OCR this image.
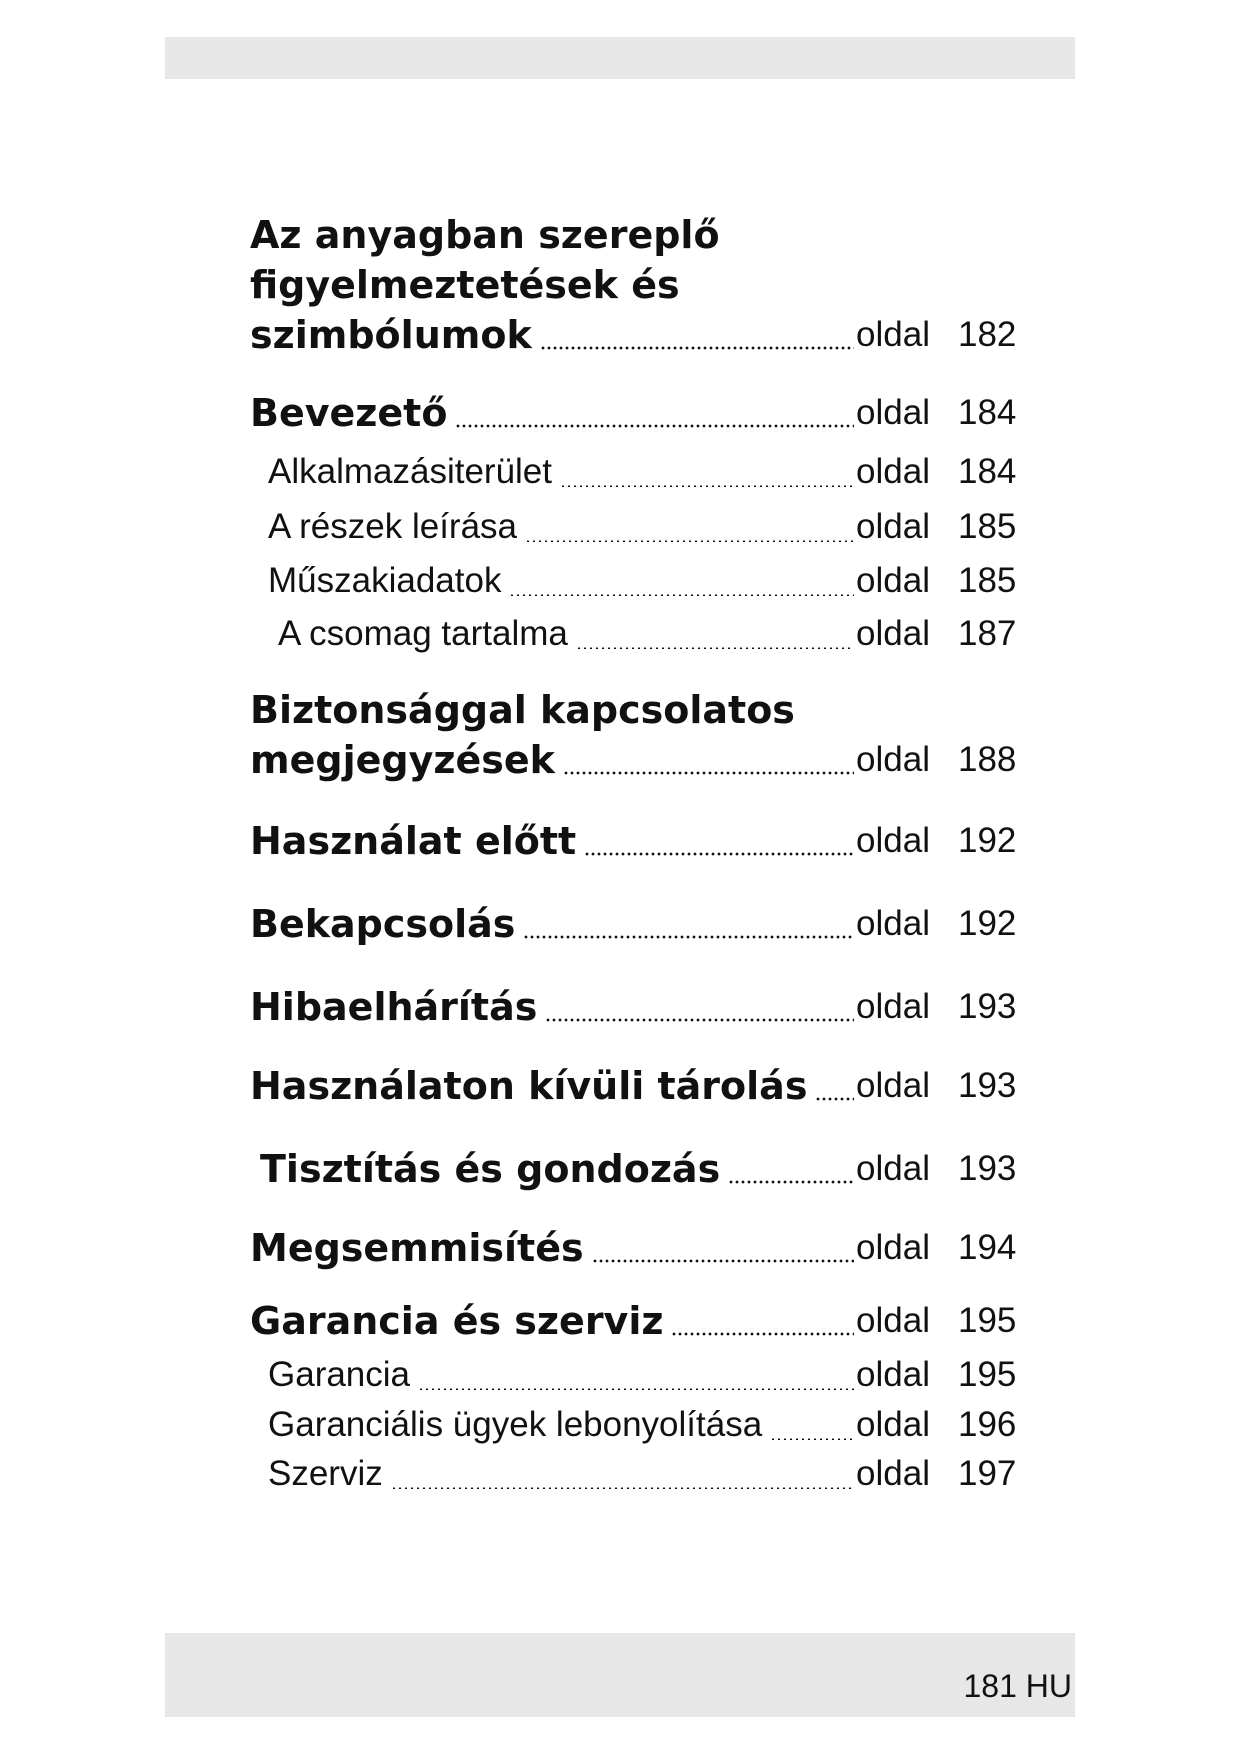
Az anyagban szereplő
figyelmeztetések és
szimbólumok	oldal 182
Bevezető	oldal 184
Alkalmazásiterület	oldal 184
A részek leírása	oldal 185
Műszakiadatok	oldal 185
A csomag tartalma	oldal 187
Biztonsággal kapcsolatos
megjegyzések	oldal 188
Használat előtt	oldal 192
Bekapcsolás	oldal 192
Hibaelhárítás	oldal 193
Használaton kívüli tárolás oldal 193
Tisztítás és gondozás	oldal 193
Megsemmisítés	oldal 194
Garancia és szerviz	oldal 195
Garancia	oldal 195
Garanciális ügyek lebonyolítása	oldal 196
Szerviz	oldal 197
181 HU
